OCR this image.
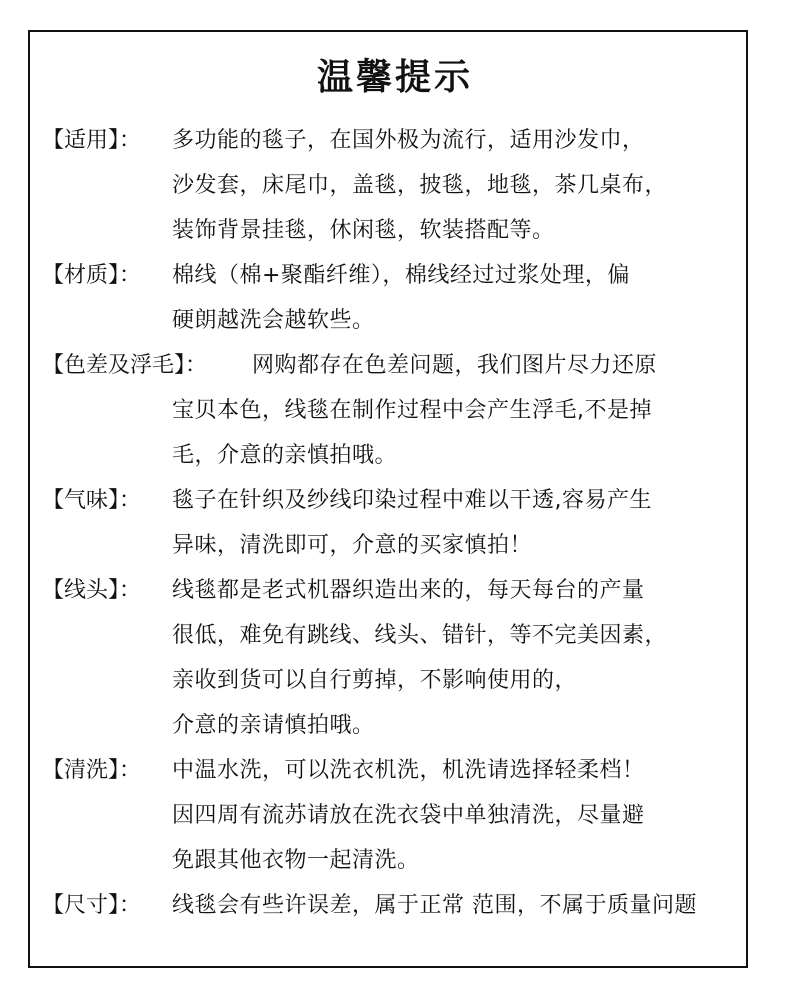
温馨提示
【适用】： 多功能的毯子，在国外极为流行，适用沙发巾，
沙发套，床尾巾，盖毯，披毯，地毯，茶几桌布，
装饰背景挂毯，休闲毯，软装搭配等。
【材质】： 棉线（棉+聚酯纤维），棉线经过过浆处理，偏
硬朗越洗会越软些。
【色差及浮毛】： 网购都存在色差问题，我们图片尽力还原
宝贝本色，线毯在制作过程中会产生浮毛,不是掉
毛，介意的亲慎拍哦。
【气味】： 毯子在针织及纱线印染过程中难以干透,容易产生
异味，清洗即可，介意的买家慎拍！
【线头】： 线毯都是老式机器织造出来的，每天每台的产量
很低，难免有跳线、线头、错针，等不完美因素，
亲收到货可以自行剪掉，不影响使用的，
介意的亲请慎拍哦。
【清洗】： 中温水洗，可以洗衣机洗，机洗请选择轻柔档！
因四周有流苏请放在洗衣袋中单独清洗，尽量避
免跟其他衣物一起清洗。
【尺寸】： 线毯会有些许误差，属于正常 范围，不属于质量问题
